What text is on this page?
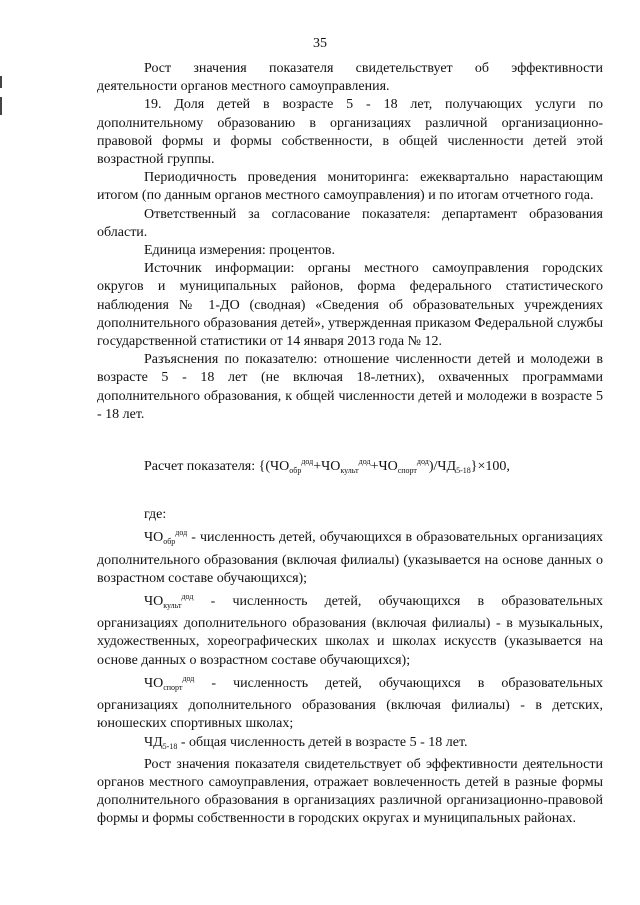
35

Рост значения показателя свидетельствует об эффективности

деятельности органов местного самоуправления.

19. Доля детей в возрасте 5 - 18 лет, получающих услуги по дополнительному образованию в организациях различной организационно-правовой формы и формы собственности, в общей численности детей этой возрастной группы.

Периодичность проведения мониторинга: ежеквартально нарастающим итогом (по данным органов местного самоуправления) и по итогам отчетного года.

Ответственный за согласование показателя: департамент образования области.

Единица измерения: процентов.

Источник информации: органы местного самоуправления городских округов и муниципальных районов, форма федерального статистического наблюдения № 1-ДО (сводная) «Сведения об образовательных учреждениях дополнительного образования детей», утвержденная приказом Федеральной службы государственной статистики от 14 января 2013 года № 12.

Разъяснения по показателю: отношение численности детей и молодежи в возрасте 5 - 18 лет (не включая 18-летних), охваченных программами дополнительного образования, к общей численности детей и молодежи в возрасте 5 - 18 лет.

Расчет показателя: $\{(ЧО_{обр}^{дод}+ЧО_{культ}^{дод}+ЧО_{спорт}^{дод})/ЧД_{5-18}\}\times 100$,

где:

$ЧО_{обр}^{дод}$ - численность детей, обучающихся в образовательных организациях дополнительного образования (включая филиалы) (указывается на основе данных о возрастном составе обучающихся);

$ЧО_{культ}^{дод}$ - численность детей, обучающихся в образовательных организациях дополнительного образования (включая филиалы) - в музыкальных, художественных, хореографических школах и школах искусств (указывается на основе данных о возрастном составе обучающихся);

$ЧО_{спорт}^{дод}$ - численность детей, обучающихся в образовательных организациях дополнительного образования (включая филиалы) - в детских, юношеских спортивных школах;

$ЧД_{5-18}$ - общая численность детей в возрасте 5 - 18 лет.

Рост значения показателя свидетельствует об эффективности деятельности органов местного самоуправления, отражает вовлеченность детей в разные формы дополнительного образования в организациях различной организационно-правовой формы и формы собственности в городских округах и муниципальных районах.
